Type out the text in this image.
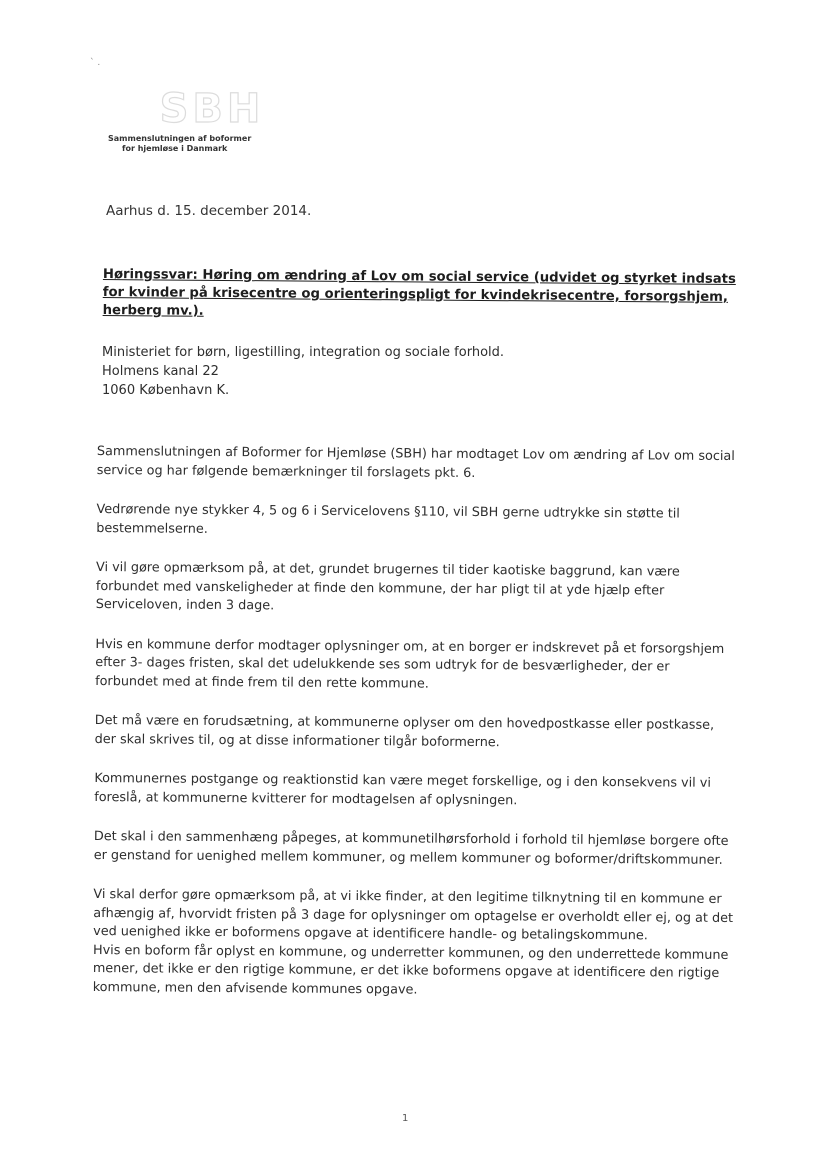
` .
SBH
Sammenslutningen af boformer
for hjemløse i Danmark
Aarhus d. 15. december 2014.
Høringssvar: Høring om ændring af Lov om social service (udvidet og styrket indsats for kvinder på krisecentre og orienteringspligt for kvindekrisecentre, forsorgshjem, herberg mv.).
Ministeriet for børn, ligestilling, integration og sociale forhold.
Holmens kanal 22
1060 København K.

Sammenslutningen af Boformer for Hjemløse (SBH) har modtaget Lov om ændring af Lov om social service og har følgende bemærkninger til forslagets pkt. 6.

Vedrørende nye stykker 4, 5 og 6 i Servicelovens §110, vil SBH gerne udtrykke sin støtte til bestemmelserne.

Vi vil gøre opmærksom på, at det, grundet brugernes til tider kaotiske baggrund, kan være forbundet med vanskeligheder at finde den kommune, der har pligt til at yde hjælp efter Serviceloven, inden 3 dage.

Hvis en kommune derfor modtager oplysninger om, at en borger er indskrevet på et forsorgshjem efter 3- dages fristen, skal det udelukkende ses som udtryk for de besværligheder, der er forbundet med at finde frem til den rette kommune.

Det må være en forudsætning, at kommunerne oplyser om den hovedpostkasse eller postkasse, der skal skrives til, og at disse informationer tilgår boformerne.

Kommunernes postgange og reaktionstid kan være meget forskellige, og i den konsekvens vil vi foreslå, at kommunerne kvitterer for modtagelsen af oplysningen.

Det skal i den sammenhæng påpeges, at kommunetilhørsforhold i forhold til hjemløse borgere ofte er genstand for uenighed mellem kommuner, og mellem kommuner og boformer/driftskommuner.

Vi skal derfor gøre opmærksom på, at vi ikke finder, at den legitime tilknytning til en kommune er afhængig af, hvorvidt fristen på 3 dage for oplysninger om optagelse er overholdt eller ej, og at det ved uenighed ikke er boformens opgave at identificere handle- og betalingskommune.

Hvis en boform får oplyst en kommune, og underretter kommunen, og den underrettede kommune mener, det ikke er den rigtige kommune, er det ikke boformens opgave at identificere den rigtige kommune, men den afvisende kommunes opgave.

1
